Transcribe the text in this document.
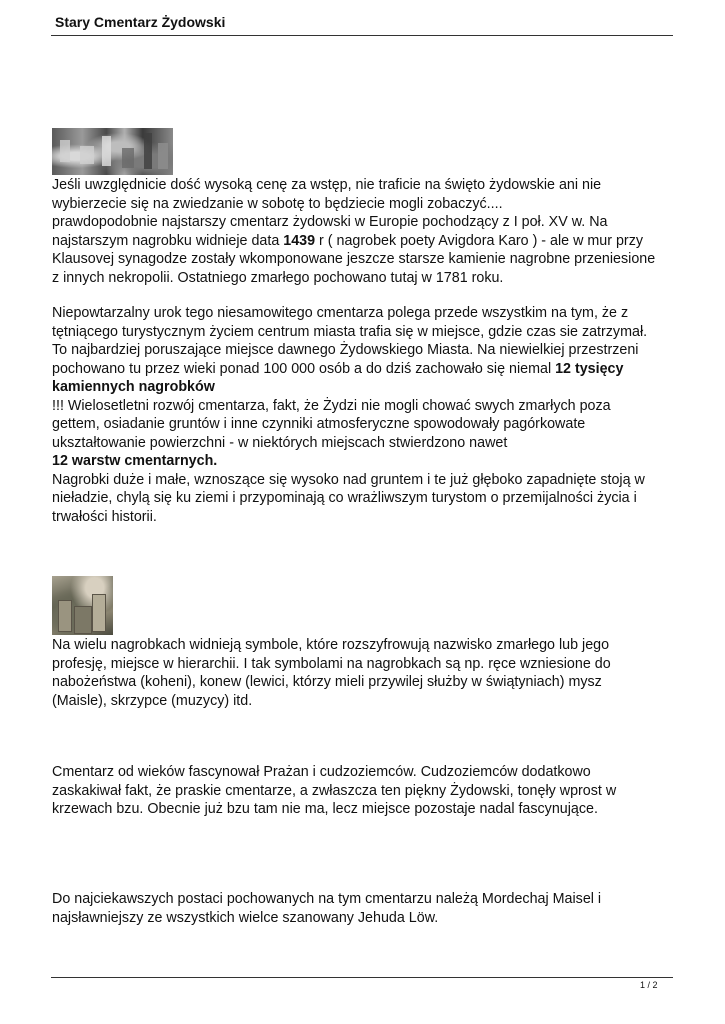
Stary Cmentarz Żydowski

Jeśli uwzględnicie dość wysoką cenę za wstęp, nie traficie na święto żydowskie ani nie

wybierzecie się na zwiedzanie w sobotę to będziecie mogli zobaczyć....

prawdopodobnie najstarszy cmentarz żydowski w Europie pochodzący z I poł. XV w. Na

najstarszym nagrobku widnieje data 1439 r ( nagrobek poety Avigdora Karo ) - ale w mur przy

Klausovej synagodze zostały wkomponowane jeszcze starsze kamienie nagrobne przeniesione

z innych nekropolii. Ostatniego zmarłego pochowano tutaj w 1781 roku.

Niepowtarzalny urok tego niesamowitego cmentarza polega przede wszystkim na tym, że z

tętniącego turystycznym życiem centrum miasta trafia się w miejsce, gdzie czas sie zatrzymał.

To najbardziej poruszające miejsce dawnego Żydowskiego Miasta. Na niewielkiej przestrzeni

pochowano tu przez wieki ponad 100 000 osób a do dziś zachowało się niemal 12 tysięcy

kamiennych nagrobków

!!! Wielosetletni rozwój cmentarza, fakt, że Żydzi nie mogli chować swych zmarłych poza

gettem, osiadanie gruntów i inne czynniki atmosferyczne spowodowały pagórkowate

ukształtowanie powierzchni - w niektórych miejscach stwierdzono nawet

12 warstw cmentarnych.

Nagrobki duże i małe, wznoszące się wysoko nad gruntem i te już głęboko zapadnięte stoją w

nieładzie, chylą się ku ziemi i przypominają co wrażliwszym turystom o przemijalności życia i

trwałości historii.

Na wielu nagrobkach widnieją symbole, które rozszyfrowują nazwisko zmarłego lub jego

profesję, miejsce w hierarchii. I tak symbolami na nagrobkach są np. ręce wzniesione do

nabożeństwa (koheni), konew (lewici, którzy mieli przywilej służby w świątyniach) mysz

(Maisle), skrzypce (muzycy) itd.

Cmentarz od wieków fascynował Prażan i cudzoziemców. Cudzoziemców dodatkowo

zaskakiwał fakt, że praskie cmentarze, a zwłaszcza ten piękny Żydowski, tonęły wprost w

krzewach bzu. Obecnie już bzu tam nie ma, lecz miejsce pozostaje nadal fascynujące.

Do najciekawszych postaci pochowanych na tym cmentarzu należą Mordechaj Maisel i

najsławniejszy ze wszystkich wielce szanowany Jehuda Löw.

1 / 2
